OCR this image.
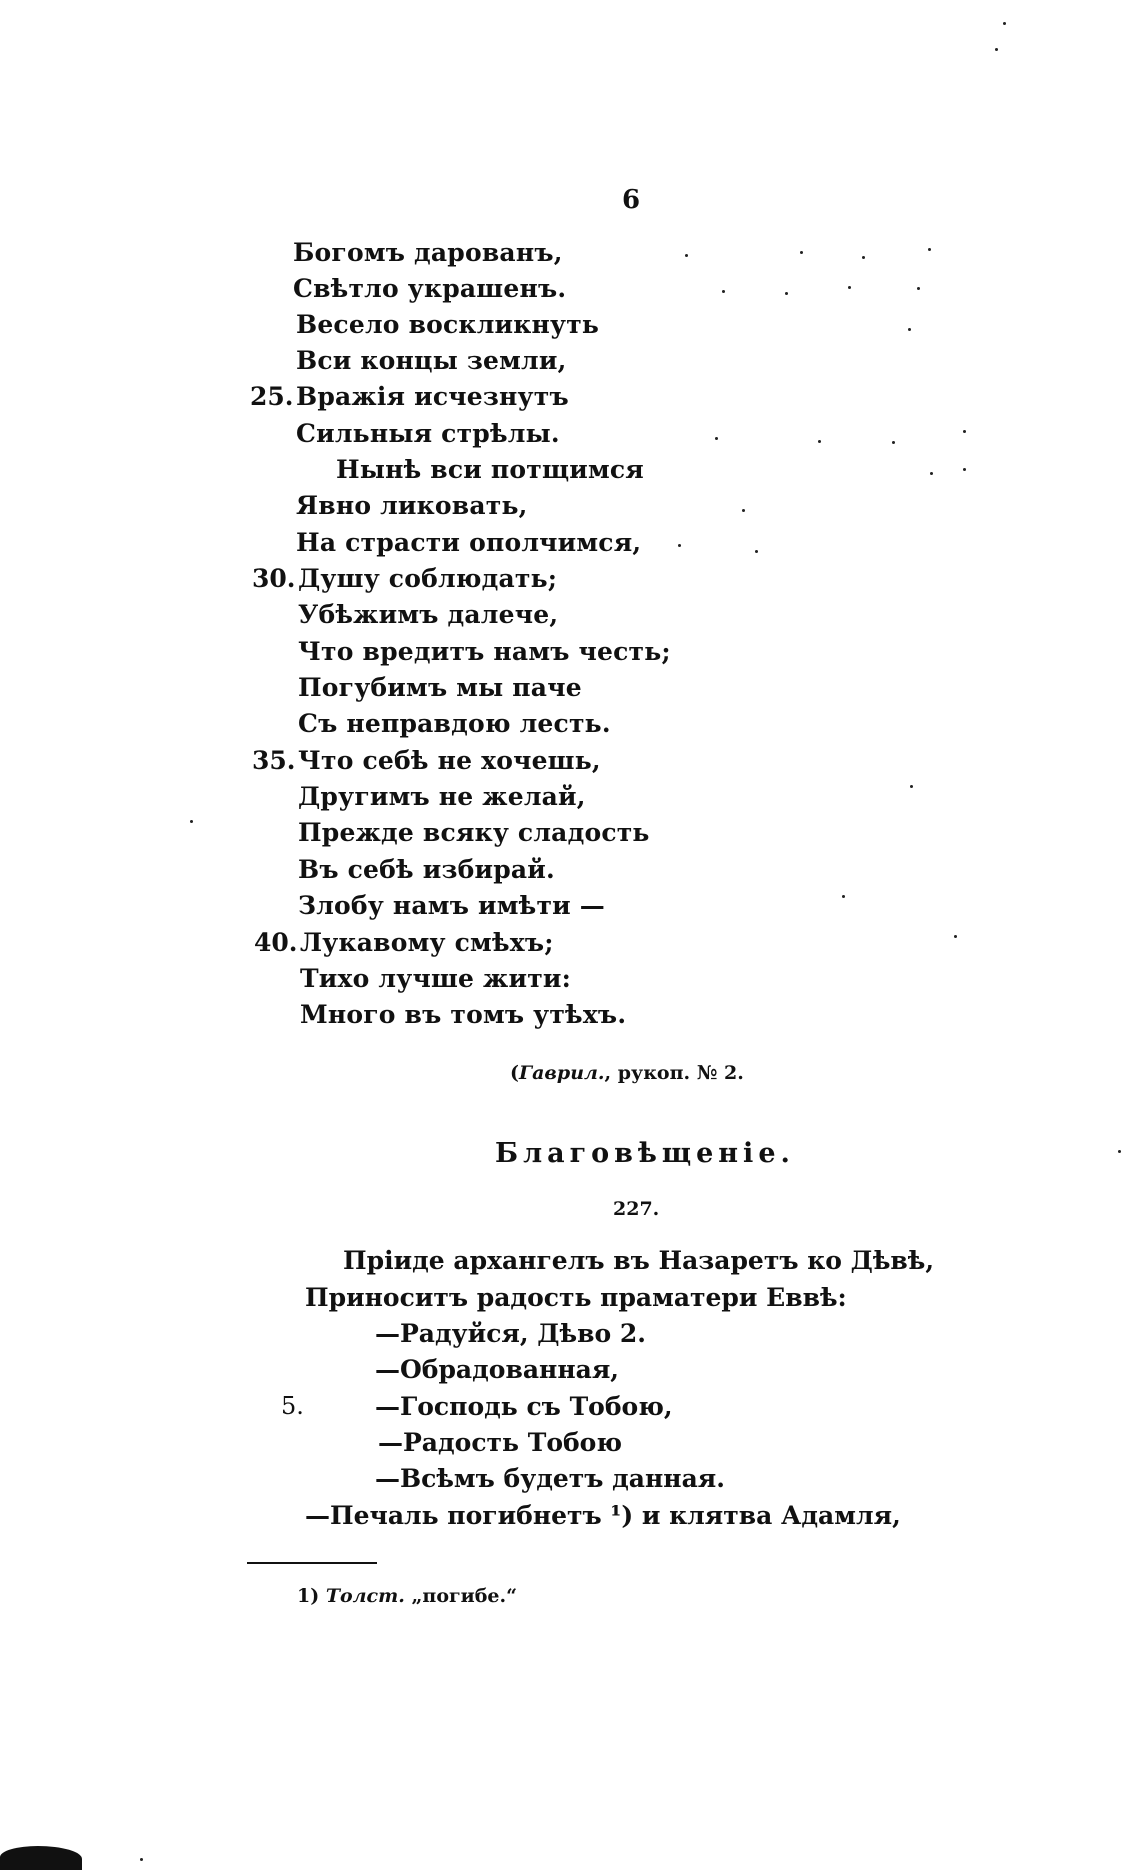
6
Богомъ дарованъ,
Свѣтло украшенъ.
Весело воскликнуть
Вси концы земли,
25. Вражія исчезнутъ
Сильныя стрѣлы.
Нынѣ вси потщимся
Явно ликовать,
На страсти ополчимся,
30. Душу соблюдать;
Убѣжимъ далече,
Что вредитъ намъ честь;
Погубимъ мы паче
Съ неправдою лесть.
35. Что себѣ не хочешь,
Другимъ не желай,
Прежде всяку сладость
Въ себѣ избирай.
Злобу намъ имѣти —
40. Лукавому смѣхъ;
Тихо лучше жити:
Много въ томъ утѣхъ.
(Гаврил., рукоп. № 2.
Благовѣщеніе.
227.
Пріиде архангелъ въ Назаретъ ко Дѣвѣ,
Приноситъ радость праматери Еввѣ:
—Радуйся, Дѣво 2.
—Обрадованная,
5.	—Господь съ Тобою,
—Радость Тобою
—Всѣмъ будетъ данная.
—Печаль погибнетъ ¹) и клятва Адамля,
1) Толст. „погибе.“
